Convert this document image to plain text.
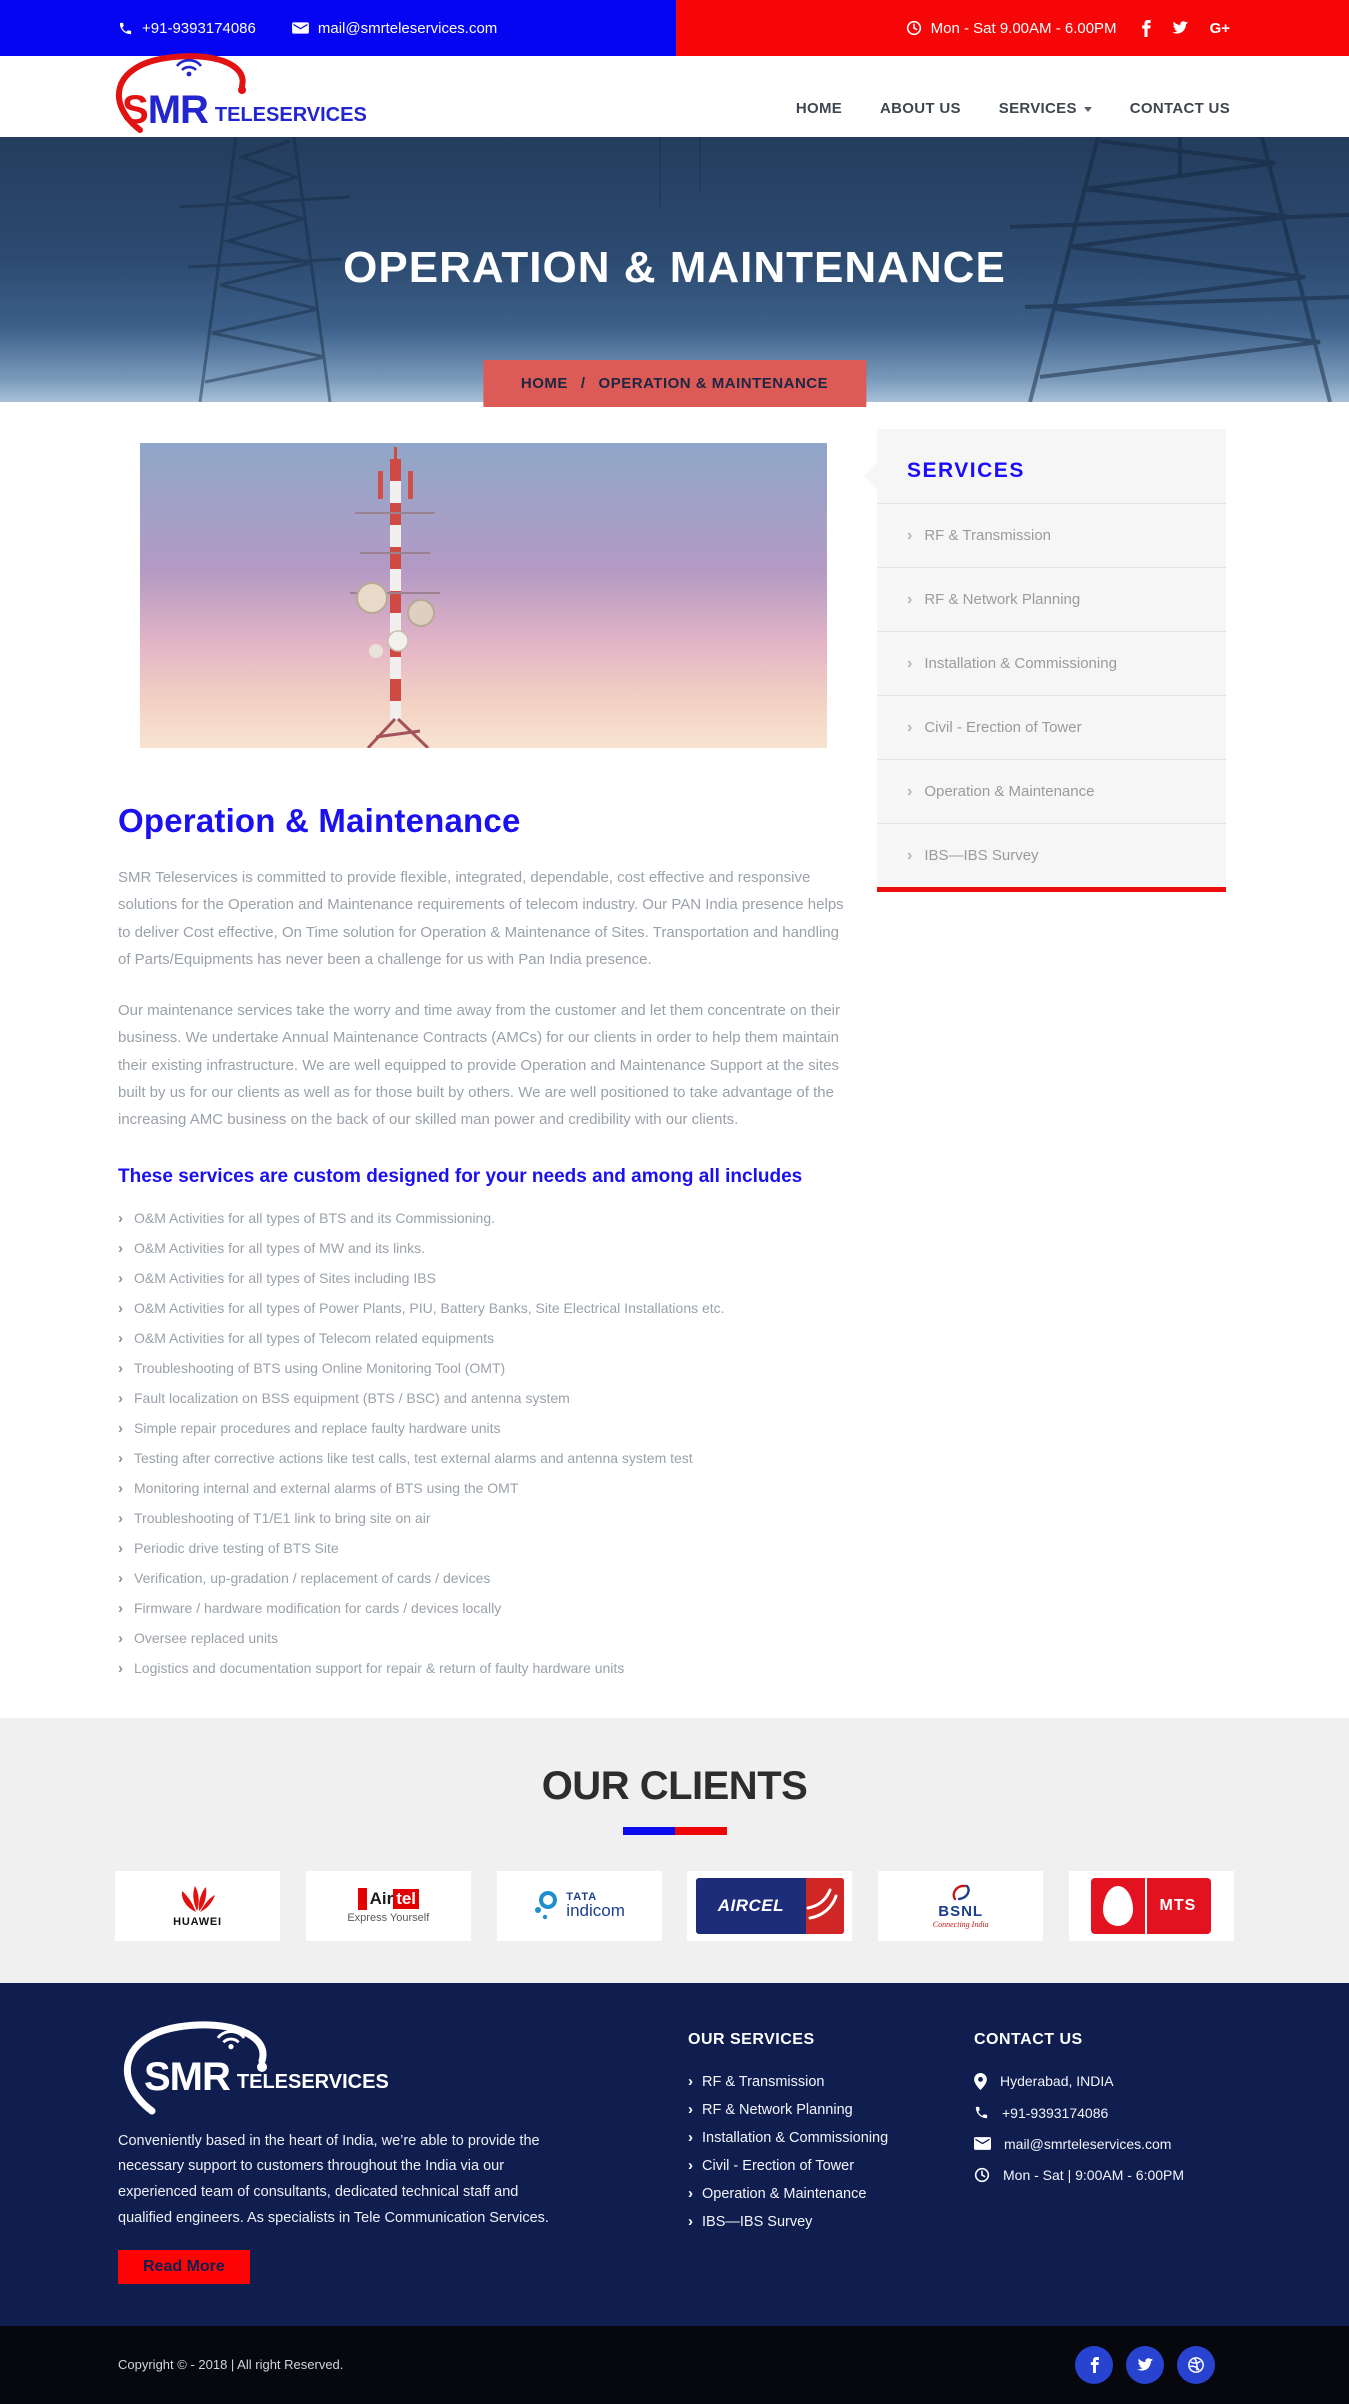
+91-9393174086	mail@smrteleservices.com	Mon - Sat 9.00AM - 6.00PM	G+
SMR TELESERVICES	HOME	ABOUT US	SERVICES	CONTACT US
OPERATION & MAINTENANCE
HOME / OPERATION & MAINTENANCE
Operation & Maintenance

SMR Teleservices is committed to provide flexible, integrated, dependable, cost effective and responsive solutions for the Operation and Maintenance requirements of telecom industry. Our PAN India presence helps to deliver Cost effective, On Time solution for Operation & Maintenance of Sites. Transportation and handling of Parts/Equipments has never been a challenge for us with Pan India presence.

Our maintenance services take the worry and time away from the customer and let them concentrate on their business. We undertake Annual Maintenance Contracts (AMCs) for our clients in order to help them maintain their existing infrastructure. We are well equipped to provide Operation and Maintenance Support at the sites built by us for our clients as well as for those built by others. We are well positioned to take advantage of the increasing AMC business on the back of our skilled man power and credibility with our clients.

These services are custom designed for your needs and among all includes
› O&M Activities for all types of BTS and its Commissioning.
› O&M Activities for all types of MW and its links.
› O&M Activities for all types of Sites including IBS
› O&M Activities for all types of Power Plants, PIU, Battery Banks, Site Electrical Installations etc.
› O&M Activities for all types of Telecom related equipments
› Troubleshooting of BTS using Online Monitoring Tool (OMT)
› Fault localization on BSS equipment (BTS / BSC) and antenna system
› Simple repair procedures and replace faulty hardware units
› Testing after corrective actions like test calls, test external alarms and antenna system test
› Monitoring internal and external alarms of BTS using the OMT
› Troubleshooting of T1/E1 link to bring site on air
› Periodic drive testing of BTS Site
› Verification, up-gradation / replacement of cards / devices
› Firmware / hardware modification for cards / devices locally
› Oversee replaced units
› Logistics and documentation support for repair & return of faulty hardware units
SERVICES
› RF & Transmission
› RF & Network Planning
› Installation & Commissioning
› Civil - Erection of Tower
› Operation & Maintenance
› IBS—IBS Survey
OUR CLIENTS
HUAWEI
Air tel
Express Yourself
TATA
indicom	AIRCEL	BSNL
Connecting India
MTS
SMR TELESERVICES

Conveniently based in the heart of India, we’re able to provide the necessary support to customers throughout the India via our experienced team of consultants, dedicated technical staff and qualified engineers. As specialists in Tele Communication Services.

Read More
OUR SERVICES
› RF & Transmission
› RF & Network Planning
› Installation & Commissioning
› Civil - Erection of Tower
› Operation & Maintenance
› IBS—IBS Survey
CONTACT US
Hyderabad, INDIA
+91-9393174086
mail@smrteleservices.com
Mon - Sat | 9:00AM - 6:00PM
Copyright © - 2018 | All right Reserved.
